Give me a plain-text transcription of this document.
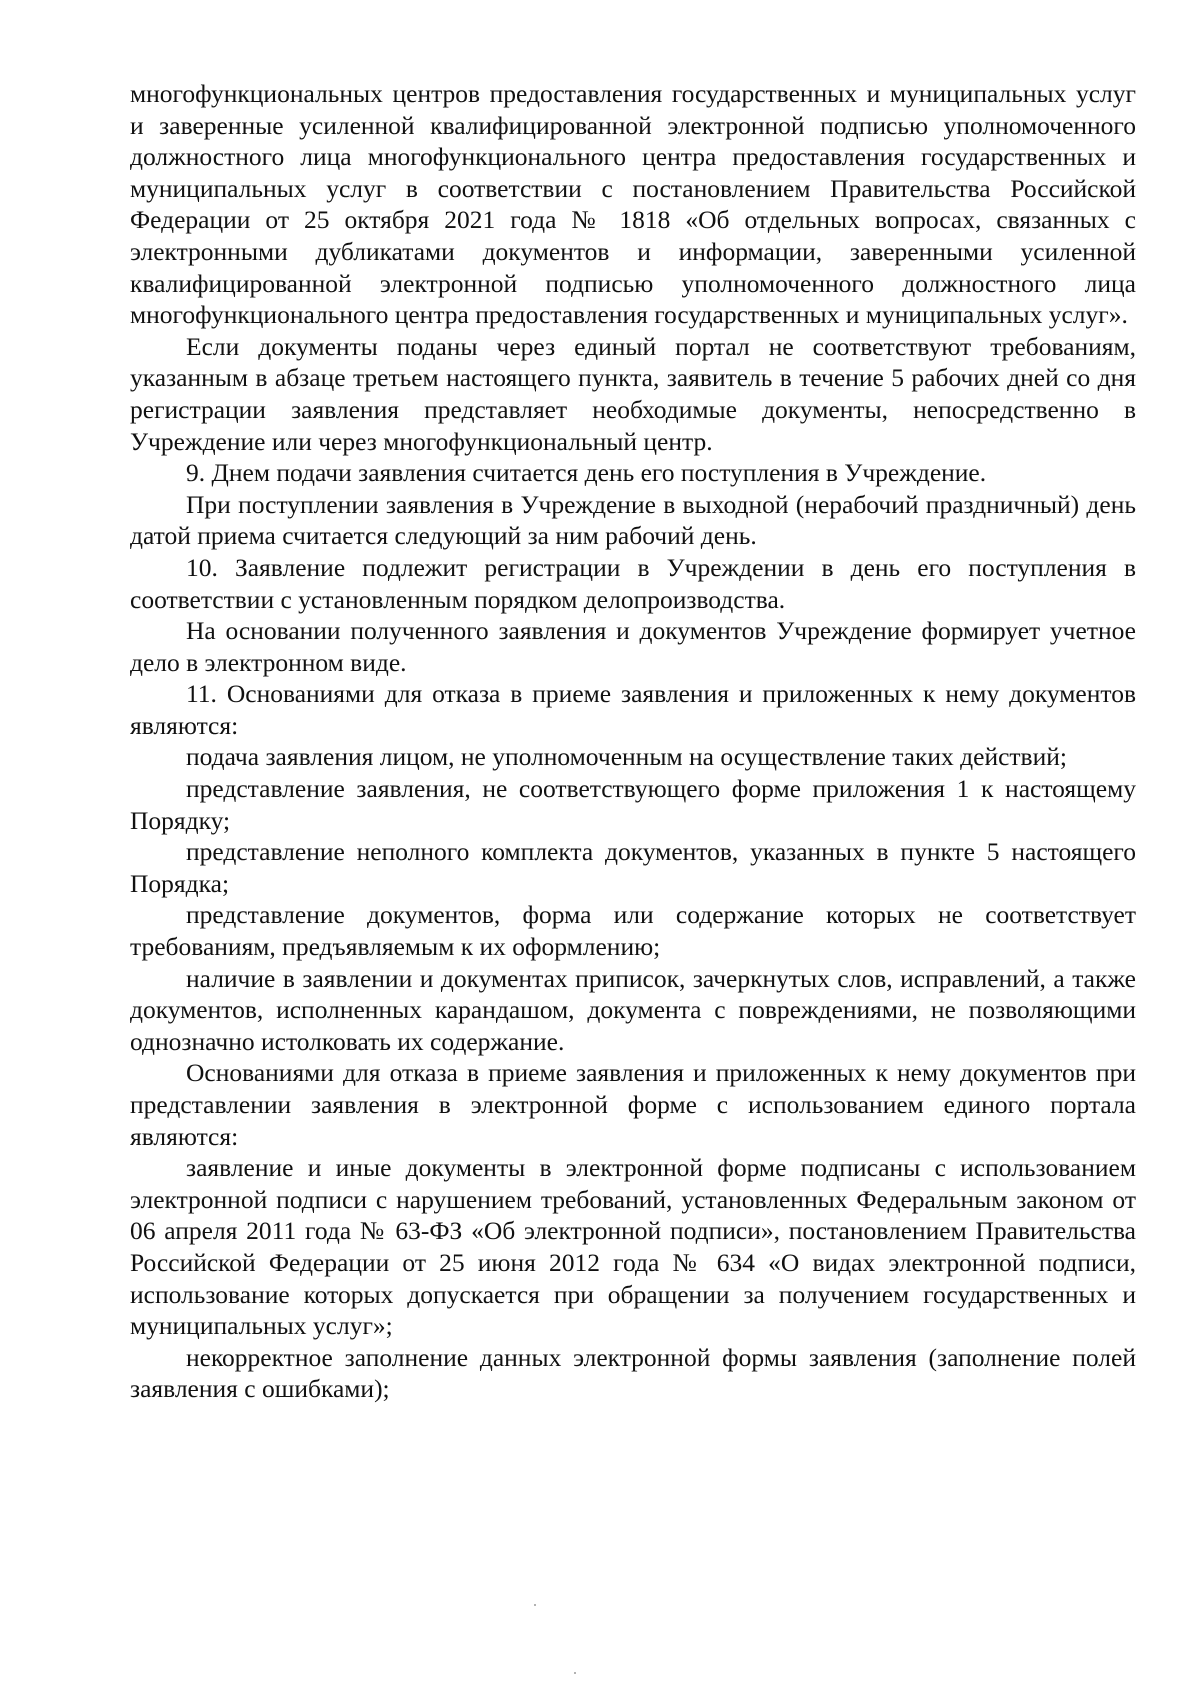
многофункциональных центров предоставления государственных и муниципальных услуг и заверенные усиленной квалифицированной электронной подписью уполномоченного должностного лица многофункционального центра предоставления государственных и муниципальных услуг в соответствии с постановлением Правительства Российской Федерации от 25 октября 2021 года № 1818 «Об отдельных вопросах, связанных с электронными дубликатами документов и информации, заверенными усиленной квалифицированной электронной подписью уполномоченного должностного лица многофункционального центра предоставления государственных и муниципальных услуг».

Если документы поданы через единый портал не соответствуют требованиям, указанным в абзаце третьем настоящего пункта, заявитель в течение 5 рабочих дней со дня регистрации заявления представляет необходимые документы, непосредственно в Учреждение или через многофункциональный центр.

9. Днем подачи заявления считается день его поступления в Учреждение.

При поступлении заявления в Учреждение в выходной (нерабочий праздничный) день датой приема считается следующий за ним рабочий день.

10. Заявление подлежит регистрации в Учреждении в день его поступления в соответствии с установленным порядком делопроизводства.

На основании полученного заявления и документов Учреждение формирует учетное дело в электронном виде.

11. Основаниями для отказа в приеме заявления и приложенных к нему документов являются:

подача заявления лицом, не уполномоченным на осуществление таких действий;

представление заявления, не соответствующего форме приложения 1 к настоящему Порядку;

представление неполного комплекта документов, указанных в пункте 5 настоящего Порядка;

представление документов, форма или содержание которых не соответствует требованиям, предъявляемым к их оформлению;

наличие в заявлении и документах приписок, зачеркнутых слов, исправлений, а также документов, исполненных карандашом, документа с повреждениями, не позволяющими однозначно истолковать их содержание.

Основаниями для отказа в приеме заявления и приложенных к нему документов при представлении заявления в электронной форме с использованием единого портала являются:

заявление и иные документы в электронной форме подписаны с использованием электронной подписи с нарушением требований, установленных Федеральным законом от 06 апреля 2011 года № 63-ФЗ «Об электронной подписи», постановлением Правительства Российской Федерации от 25 июня 2012 года № 634 «О видах электронной подписи, использование которых допускается при обращении за получением государственных и муниципальных услуг»;

некорректное заполнение данных электронной формы заявления (заполнение полей заявления с ошибками);
